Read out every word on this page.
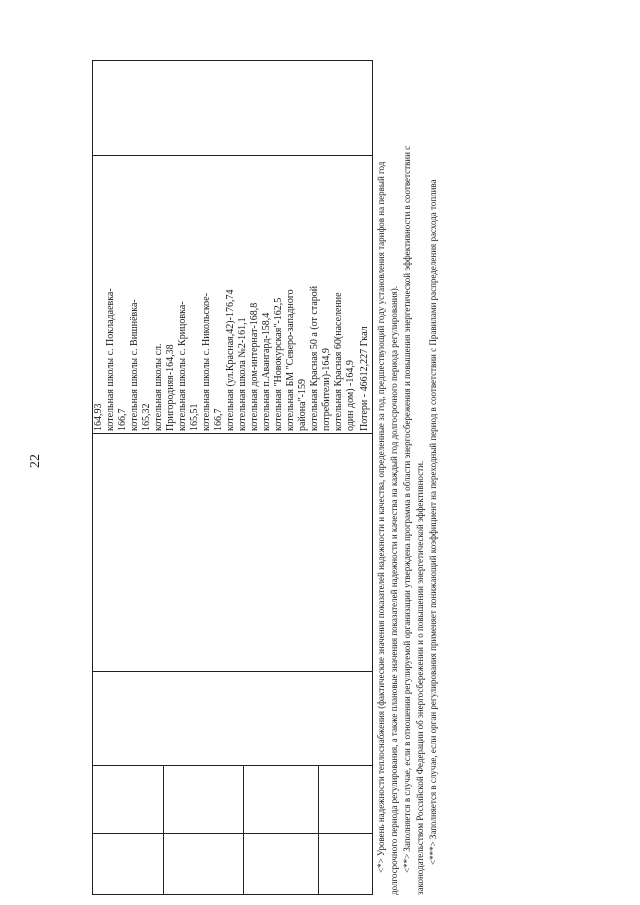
22
164,93 котельная школы с. Покладаевка- 166,7 котельная школы с. Вишнёвка- 165,32 котельная школы сл. Пригородняя-164,38 котельная школы с. Крицовка- 165,51 котельная школы с. Никольское- 166,7 котельная (ул.Красная,42)-176,74 котельная школа №2-161,1 котельная дом-интернат-168,8 котельная п.Авангард-158,4 котельная "Новокурская"-162,5 котельная БМ "Северо-западного района"-159 котельная Красная 50 а (от старой потребители)-164,9 котельная Красная 60(население один дом) -164,9 Потери - 46612,227 Гкал <*> Уровень надежности теплоснабжения (фактические значения показателей надежности и качества, определенные за год, предшествующий году установления тарифов на первый год долгосрочного периода регулирования, а также плановые значения показателей надежности и качества на каждый год долгосрочного периода регулирования). <**> Заполняется в случае, если в отношении регулируемой организации утверждена программа в области энергосбережения и повышения энергетической эффективности в соответствии с законодательством Российской Федерации об энергосбережении и о повышении энергетической эффективности. <***> Заполняется в случае, если орган регулирования применяет понижающий коэффициент на переходный период в соответствии с Правилами распределения расхода топлива
